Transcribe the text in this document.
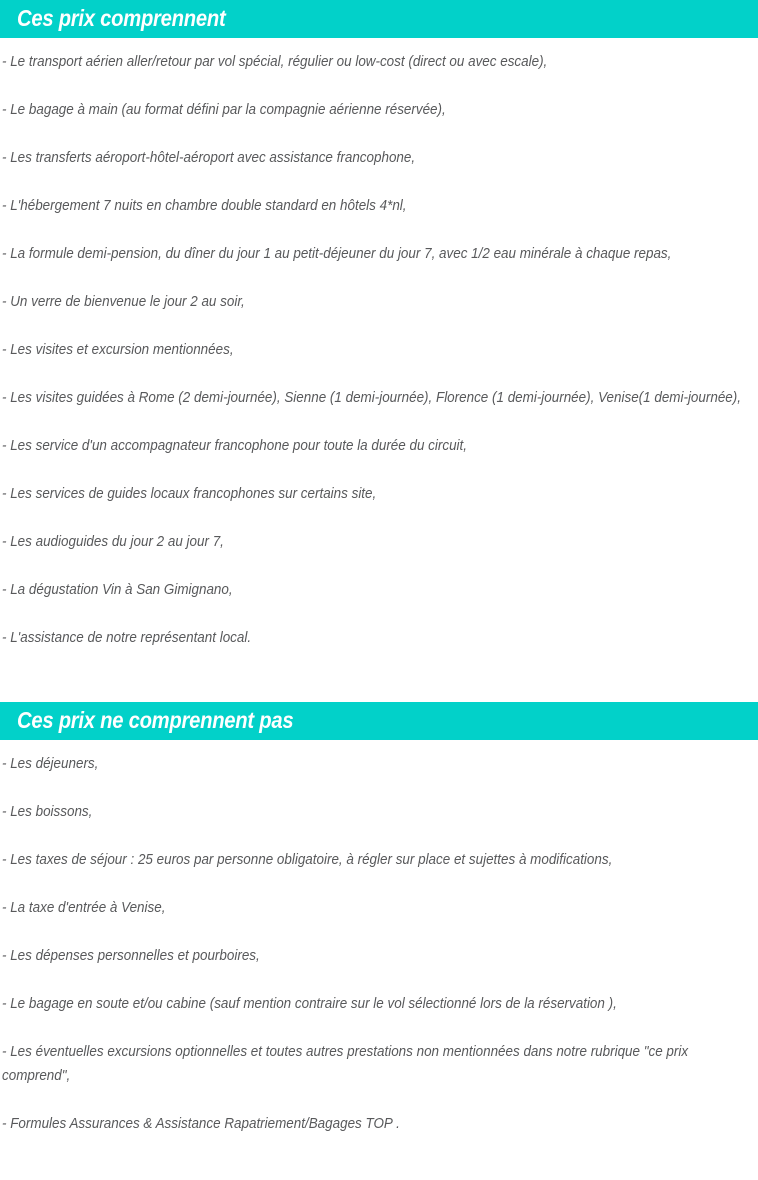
Ces prix comprennent

- Le transport aérien aller/retour par vol spécial, régulier ou low-cost (direct ou avec escale),

- Le bagage à main (au format défini par la compagnie aérienne réservée),

- Les transferts aéroport-hôtel-aéroport avec assistance francophone,

- L'hébergement 7 nuits en chambre double standard en hôtels 4*nl,

- La formule demi-pension, du dîner du jour 1 au petit-déjeuner du jour 7, avec 1/2 eau minérale à chaque repas,

- Un verre de bienvenue le jour 2 au soir,

- Les visites et excursion mentionnées,

- Les visites guidées à Rome (2 demi-journée), Sienne (1 demi-journée), Florence (1 demi-journée), Venise(1 demi-journée),

- Les service d'un accompagnateur francophone pour toute la durée du circuit,

- Les services de guides locaux francophones sur certains site,

- Les audioguides du jour 2 au jour 7,

- La dégustation Vin à San Gimignano,

- L'assistance de notre représentant local.

Ces prix ne comprennent pas

- Les déjeuners,

- Les boissons,

- Les taxes de séjour : 25 euros par personne obligatoire, à régler sur place et sujettes à modifications,

- La taxe d'entrée à Venise,

- Les dépenses personnelles et pourboires,

- Le bagage en soute et/ou cabine (sauf mention contraire sur le vol sélectionné lors de la réservation ),

- Les éventuelles excursions optionnelles et toutes autres prestations non mentionnées dans notre rubrique "ce prix comprend",

- Formules Assurances & Assistance Rapatriement/Bagages TOP .
